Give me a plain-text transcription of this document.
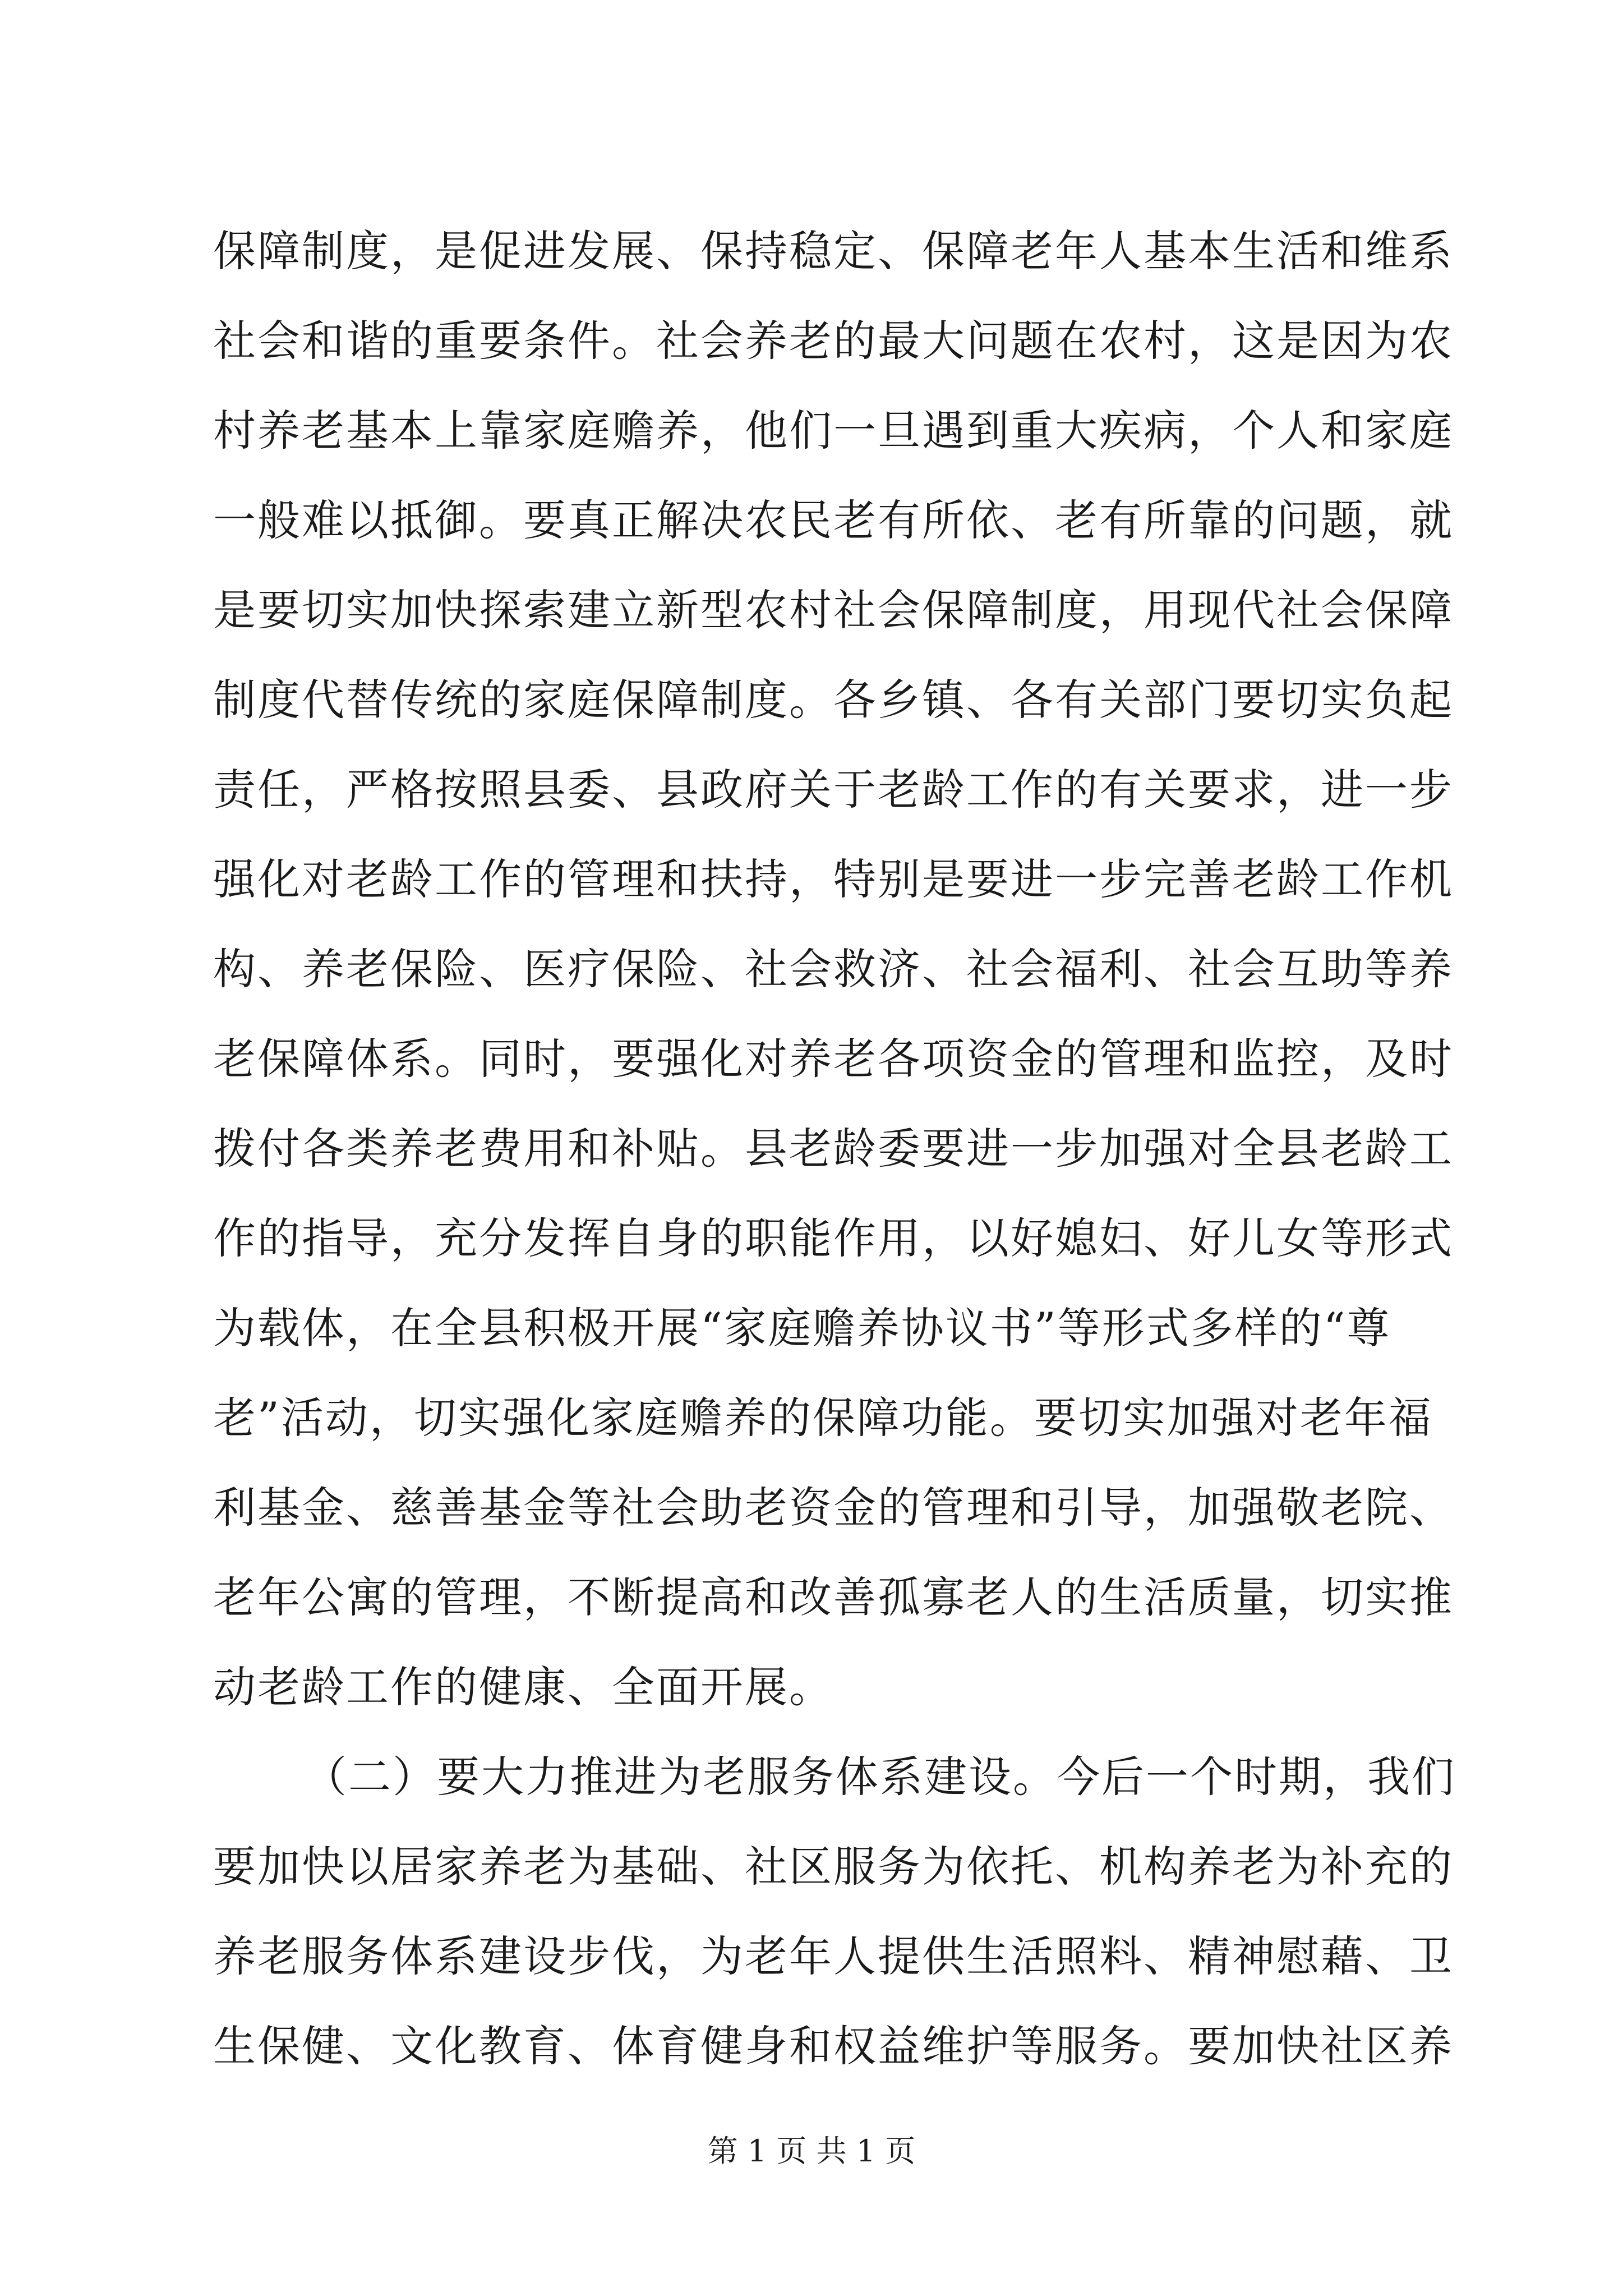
保障制度，是促进发展、保持稳定、保障老年人基本生活和维系
社会和谐的重要条件。社会养老的最大问题在农村，这是因为农
村养老基本上靠家庭赡养，他们一旦遇到重大疾病，个人和家庭
一般难以抵御。要真正解决农民老有所依、老有所靠的问题，就
是要切实加快探索建立新型农村社会保障制度，用现代社会保障
制度代替传统的家庭保障制度。各乡镇、各有关部门要切实负起
责任，严格按照县委、县政府关于老龄工作的有关要求，进一步
强化对老龄工作的管理和扶持，特别是要进一步完善老龄工作机
构、养老保险、医疗保险、社会救济、社会福利、社会互助等养
老保障体系。同时，要强化对养老各项资金的管理和监控，及时
拨付各类养老费用和补贴。县老龄委要进一步加强对全县老龄工
作的指导，充分发挥自身的职能作用，以好媳妇、好儿女等形式
为载体，在全县积极开展“家庭赡养协议书”等形式多样的“尊
老”活动，切实强化家庭赡养的保障功能。要切实加强对老年福
利基金、慈善基金等社会助老资金的管理和引导，加强敬老院、
老年公寓的管理，不断提高和改善孤寡老人的生活质量，切实推
动老龄工作的健康、全面开展。
（二）要大力推进为老服务体系建设。今后一个时期，我们
要加快以居家养老为基础、社区服务为依托、机构养老为补充的
养老服务体系建设步伐，为老年人提供生活照料、精神慰藉、卫
生保健、文化教育、体育健身和权益维护等服务。要加快社区养
第 1 页 共 1 页
